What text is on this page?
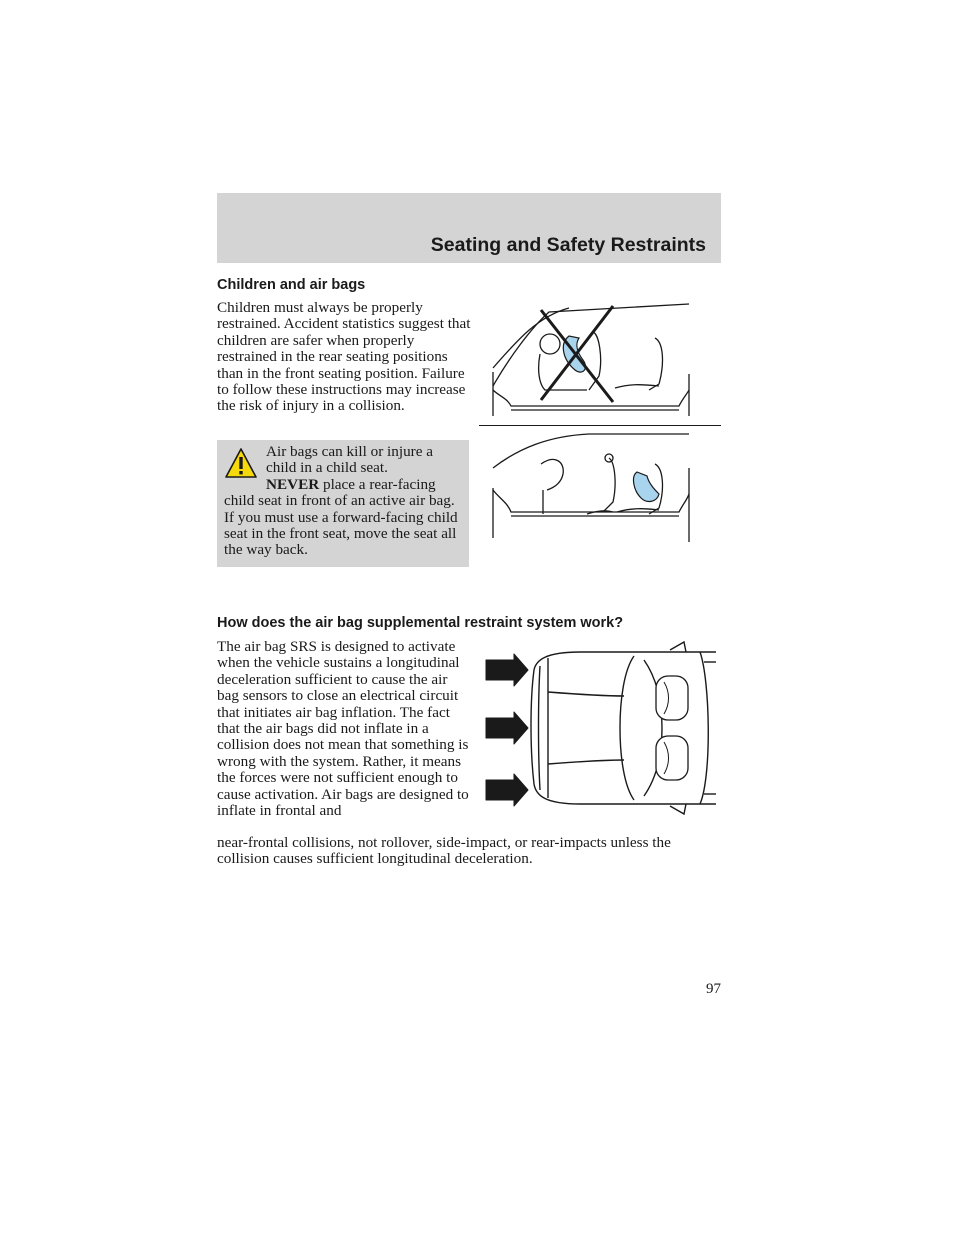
Seating and Safety Restraints
Children and air bags

Children must always be properly restrained. Accident statistics suggest that children are safer when properly restrained in the rear seating positions than in the front seating position. Failure to follow these instructions may increase the risk of injury in a collision.

Air bags can kill or injure a child in a child seat.
NEVER place a rear-facing child seat in front of an active air bag. If you must use a forward-facing child seat in the front seat, move the seat all the way back.
How does the air bag supplemental restraint system work?

The air bag SRS is designed to activate when the vehicle sustains a longitudinal deceleration sufficient to cause the air bag sensors to close an electrical circuit that initiates air bag inflation. The fact that the air bags did not inflate in a collision does not mean that something is wrong with the system. Rather, it means the forces were not sufficient enough to cause activation. Air bags are designed to inflate in frontal and

near-frontal collisions, not rollover, side-impact, or rear-impacts unless the collision causes sufficient longitudinal deceleration.

97
